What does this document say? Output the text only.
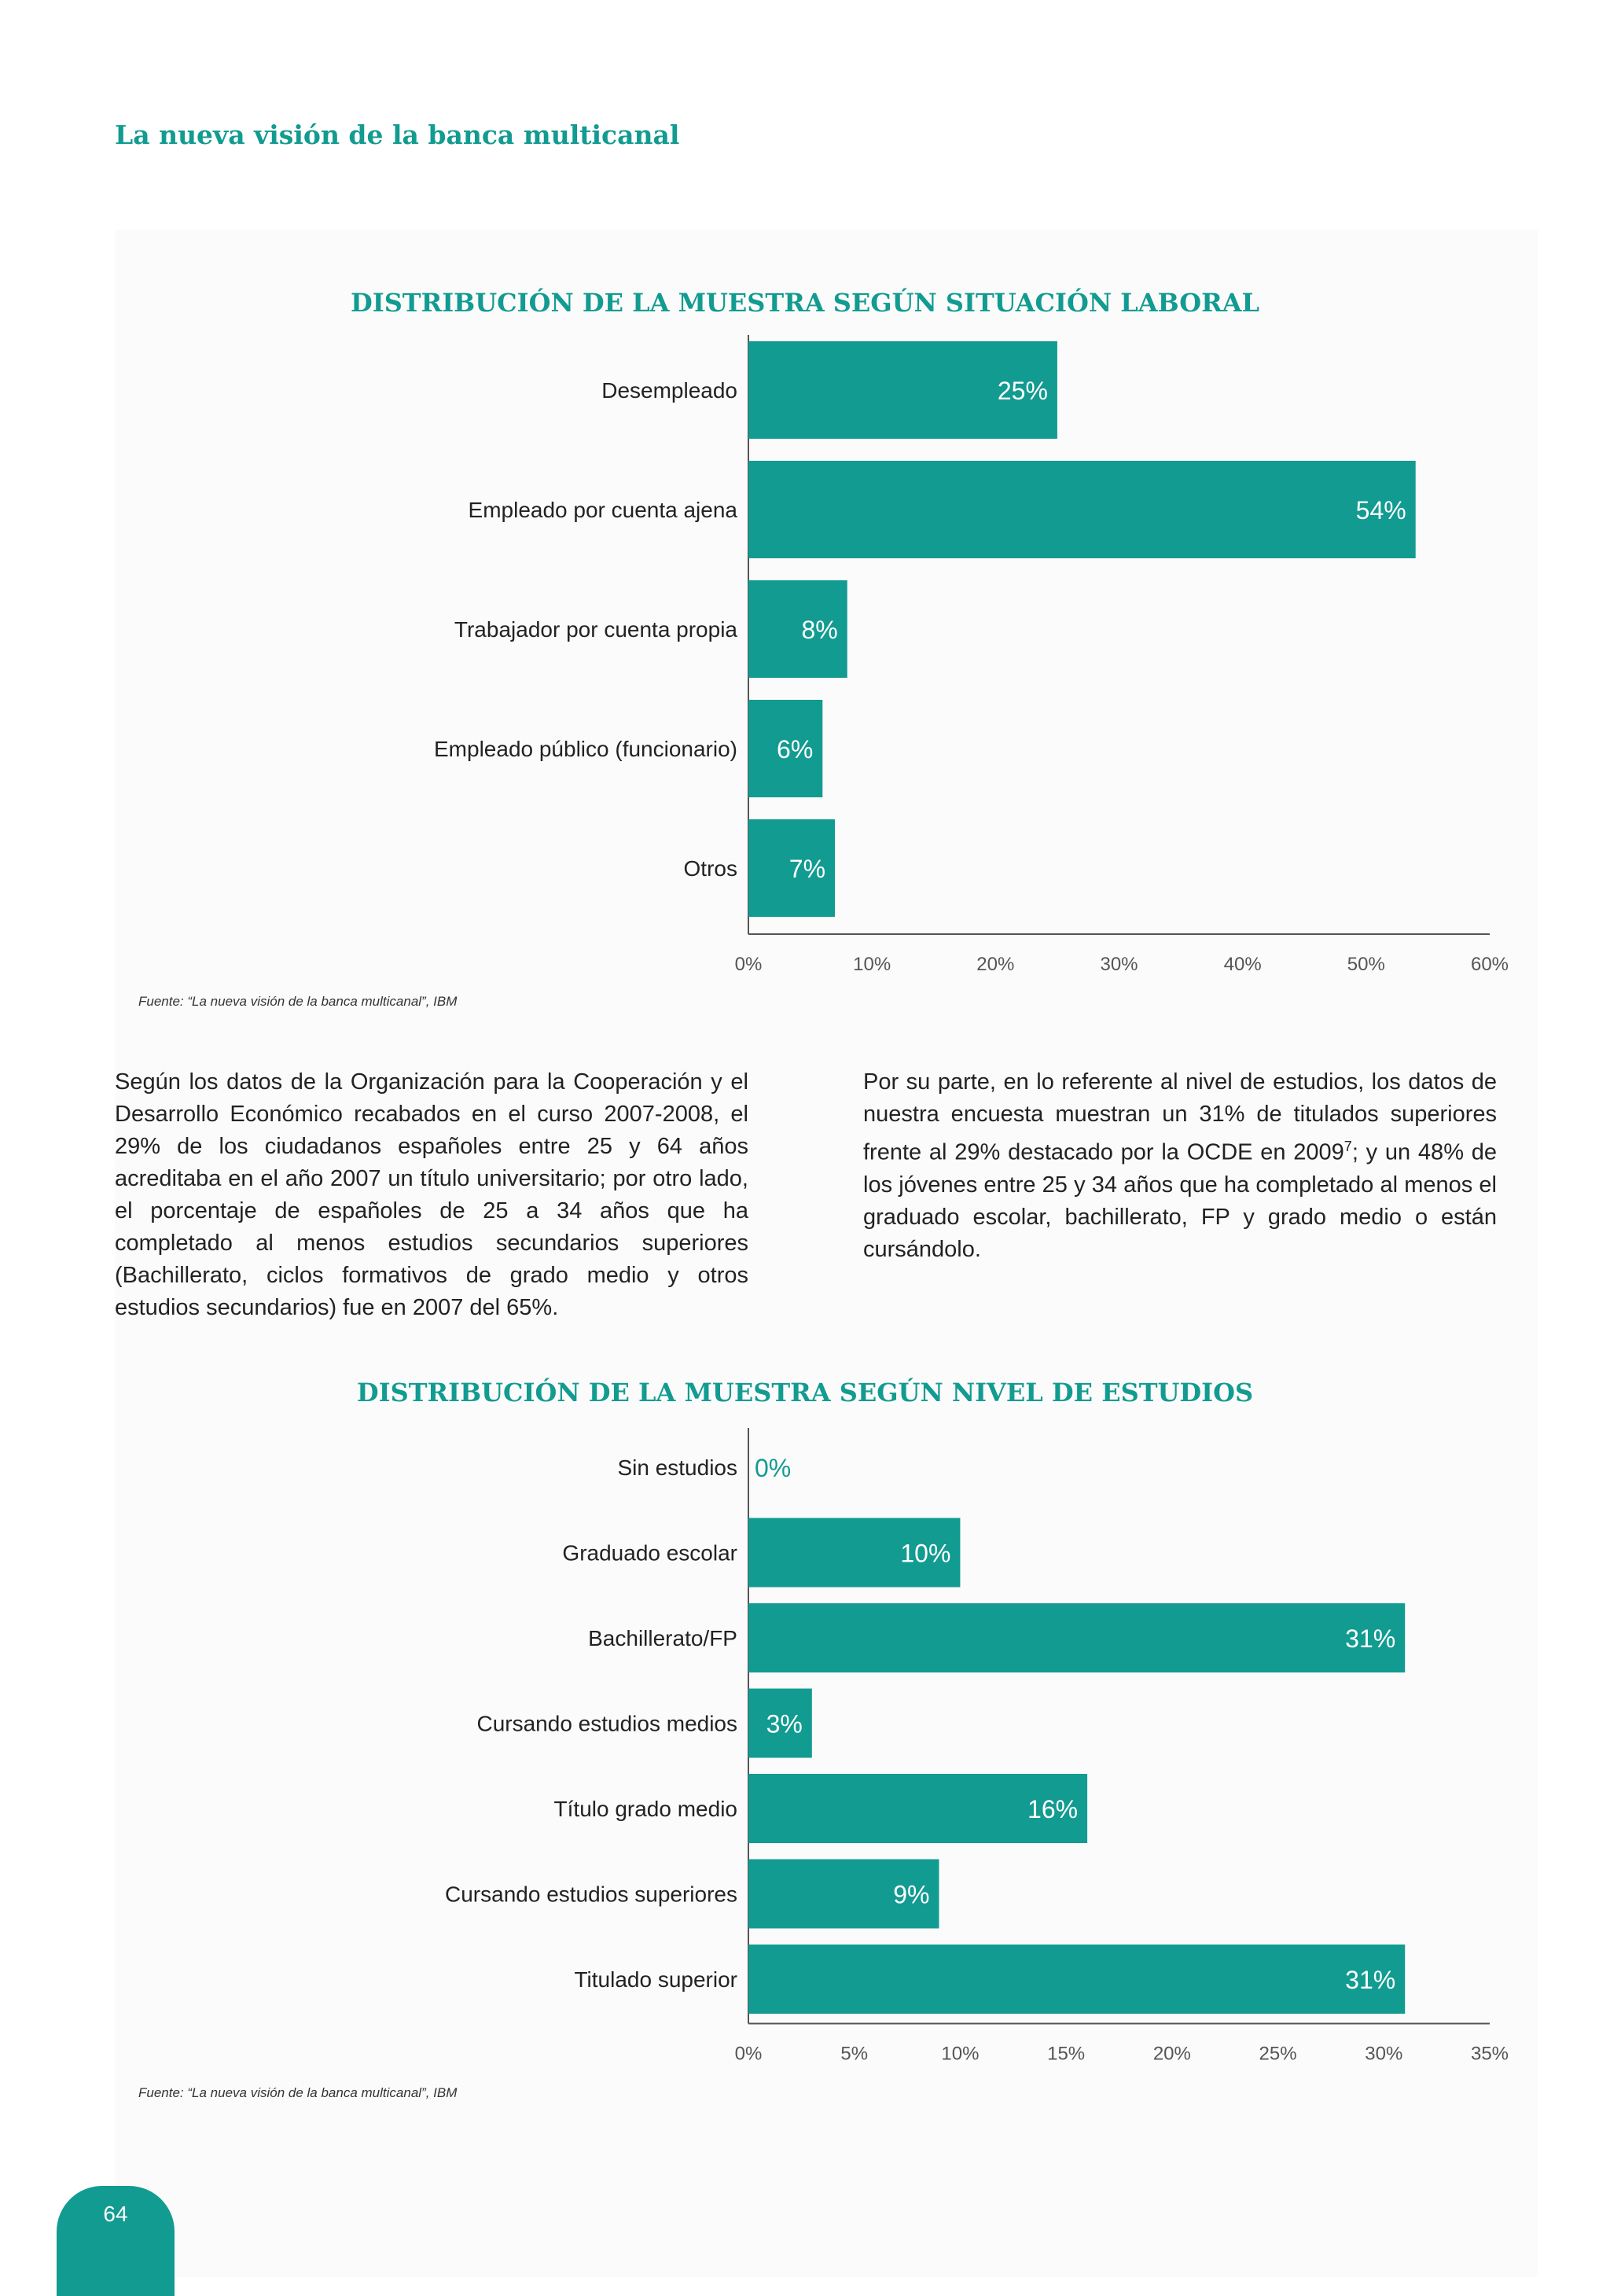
La nueva visión de la banca multicanal
DISTRIBUCIÓN DE LA MUESTRA SEGÚN SITUACIÓN LABORAL
0%	10%	20%	30%	40%	50%	60%
Desempleado	25%
Empleado por cuenta ajena	54%
Trabajador por cuenta propia	8%
Empleado público (funcionario) 6%
Otros 7%
Fuente: “La nueva visión de la banca multicanal”, IBM
Según los datos de la Organización para la Cooperación y el Desarrollo Económico recabados en el curso 2007-2008, el 29% de los ciudadanos españoles entre 25 y 64 años acreditaba en el año 2007 un título universitario; por otro lado, el porcentaje de españoles de 25 a 34 años que ha completado al menos estudios secundarios superiores (Bachillerato, ciclos formativos de grado medio y otros estudios secundarios) fue en 2007 del 65%.
Por su parte, en lo referente al nivel de estudios, los datos de nuestra encuesta muestran un 31% de titulados superiores frente al 29% destacado por la OCDE en 2009$^7$; y un 48% de los jóvenes entre 25 y 34 años que ha completado al menos el graduado escolar, bachillerato, FP y grado medio o están cursándolo.
DISTRIBUCIÓN DE LA MUESTRA SEGÚN NIVEL DE ESTUDIOS
0%	5%	10%	15%	20%	25%	30%	35%
Sin estudios 0%
Graduado escolar	10%
Bachillerato/FP	31%
Cursando estudios medios 3%
Título grado medio	16%
Cursando estudios superiores	9%
Titulado superior	31%
Fuente: “La nueva visión de la banca multicanal”, IBM
64
